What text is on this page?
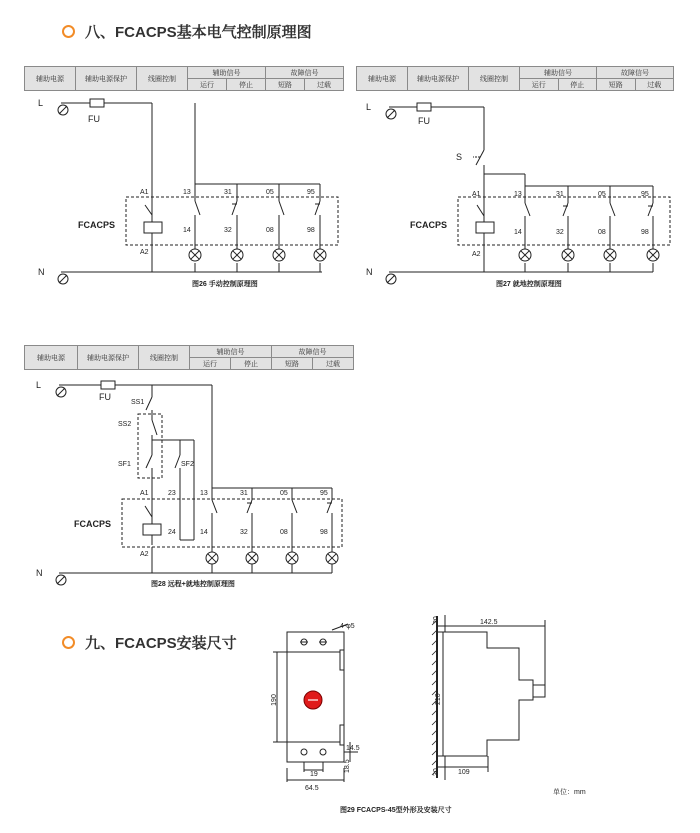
八、FCACPS基本电气控制原理图
辅助电源	辅助电源保护	线圈控制	辅助信号		故障信号	
			运行	停止	短路	过载
辅助电源	辅助电源保护	线圈控制	辅助信号		故障信号	
			运行	停止	短路	过载
辅助电源	辅助电源保护	线圈控制	辅助信号		故障信号	
			运行	停止	短路	过载
L
N
FU
FCACPS
A1
A2
13
14
31
32
05
08
95
98
图26 手动控制原理图
L
N
FU
S
FCACPS
A1
A2
13
14
31
32
05
08
95
98
图27 就地控制原理图
L
N
FU
SS1
SS2
SF1	SF2
FCACPS
A1
A2
23
24
13
14
31
32
05
08
95
98
图28 远程+就地控制原理图
4-φ5
190
14.5
19
18.5
64.5
142.5
30
210
30	109
单位：mm
图29 FCACPS-45型外形及安装尺寸
九、FCACPS安装尺寸
